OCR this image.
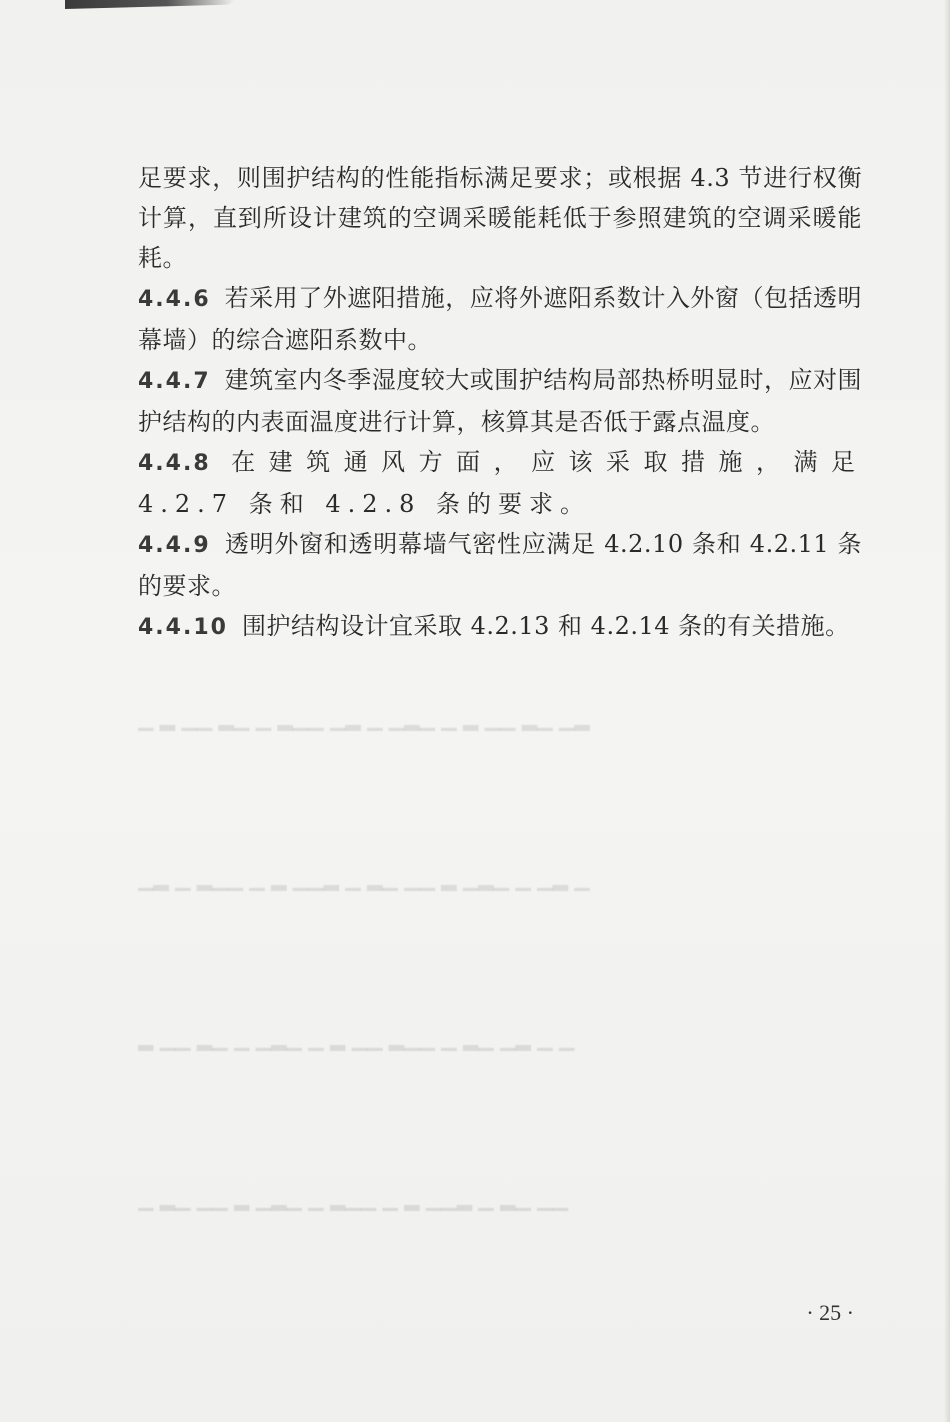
足要求，则围护结构的性能指标满足要求；或根据 4.3 节进行权衡计算，直到所设计建筑的空调采暖能耗低于参照建筑的空调采暖能耗。

4.4.6 若采用了外遮阳措施，应将外遮阳系数计入外窗（包括透明幕墙）的综合遮阳系数中。

4.4.7 建筑室内冬季湿度较大或围护结构局部热桥明显时，应对围护结构的内表面温度进行计算，核算其是否低于露点温度。

4.4.8 在建筑通风方面，应该采取措施，满足 4.2.7 条和 4.2.8 条的要求。

4.4.9 透明外窗和透明幕墙气密性应满足 4.2.10 条和 4.2.11 条的要求。

4.4.10 围护结构设计宜采取 4.2.13 和 4.2.14 条的有关措施。

▁ ▂ ▁▁ ▂▁ ▁ ▂▁▁ ▁▂ ▁ ▁▂▁ ▁ ▂ ▁▁ ▂▁ ▁▂
▁▂ ▁ ▂▁▁ ▁ ▂ ▁▁▂ ▁ ▂▁ ▁▁ ▂ ▁▂▁ ▁ ▁▂ ▁
▂ ▁▁ ▂▁ ▁ ▁▂▁ ▁ ▂ ▁▁ ▂▁▁ ▁ ▂▁ ▁▂ ▁ ▁
▁ ▂▁ ▁▁ ▂ ▁▂▁ ▁ ▂▁▁ ▁ ▂ ▁▁▂ ▁ ▂▁ ▁▁
· 25 ·
